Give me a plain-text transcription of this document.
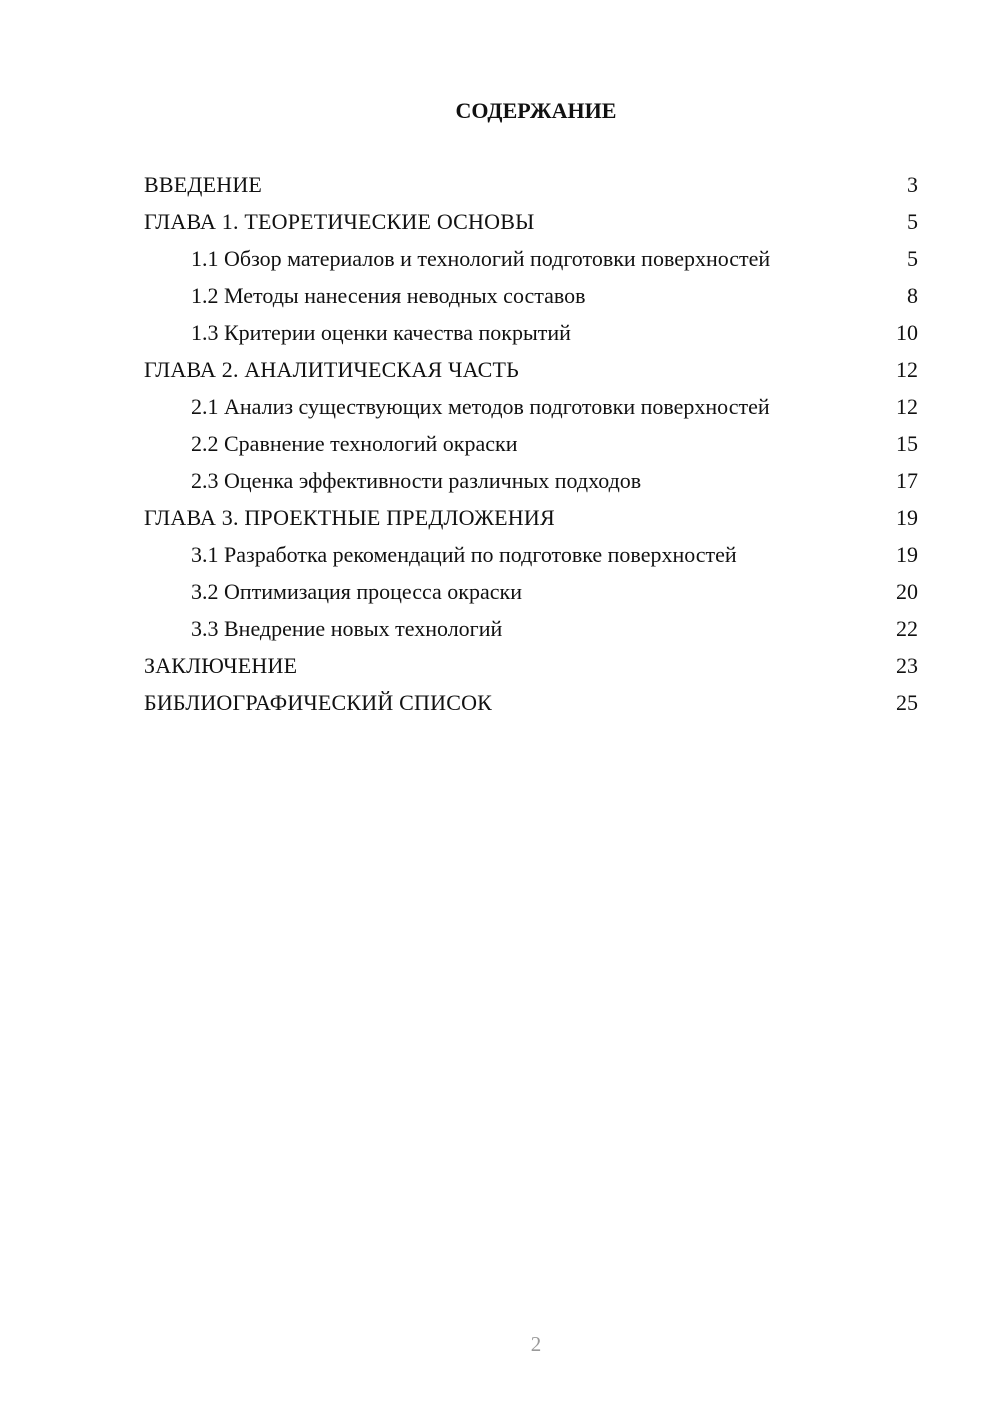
СОДЕРЖАНИЕ
ВВЕДЕНИЕ	3
ГЛАВА 1. ТЕОРЕТИЧЕСКИЕ ОСНОВЫ	5
1.1 Обзор материалов и технологий подготовки поверхностей	5
1.2 Методы нанесения неводных составов	8
1.3 Критерии оценки качества покрытий	10
ГЛАВА 2. АНАЛИТИЧЕСКАЯ ЧАСТЬ	12
2.1 Анализ существующих методов подготовки поверхностей	12
2.2 Сравнение технологий окраски	15
2.3 Оценка эффективности различных подходов	17
ГЛАВА 3. ПРОЕКТНЫЕ ПРЕДЛОЖЕНИЯ	19
3.1 Разработка рекомендаций по подготовке поверхностей	19
3.2 Оптимизация процесса окраски	20
3.3 Внедрение новых технологий	22
ЗАКЛЮЧЕНИЕ	23
БИБЛИОГРАФИЧЕСКИЙ СПИСОК	25
2
